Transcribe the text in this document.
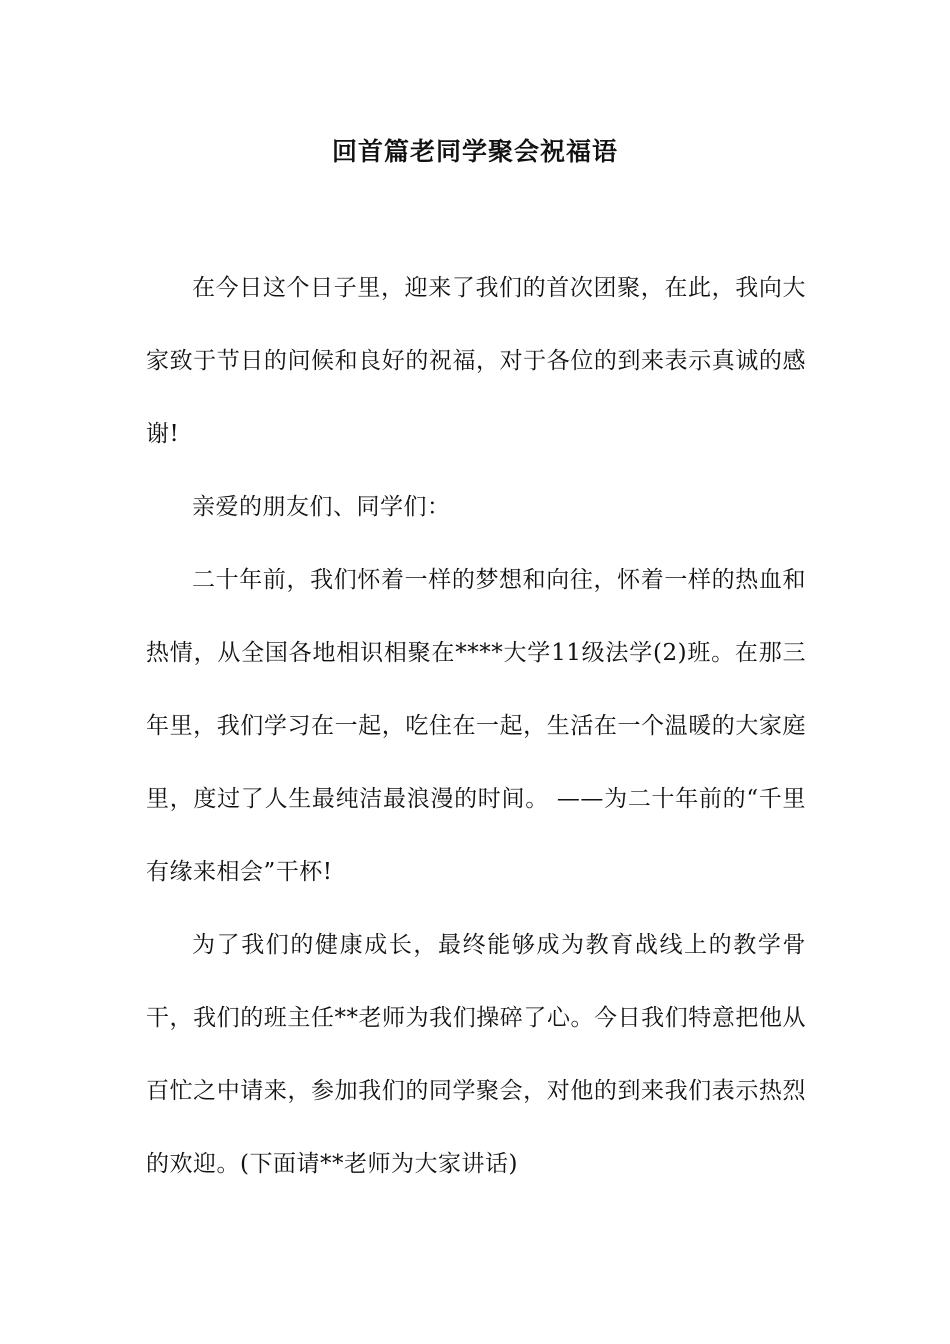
回首篇老同学聚会祝福语

在今日这个日子里，迎来了我们的首次团聚，在此，我向大家致于节日的问候和良好的祝福，对于各位的到来表示真诚的感谢!

亲爱的朋友们、同学们：

二十年前，我们怀着一样的梦想和向往，怀着一样的热血和热情，从全国各地相识相聚在****大学11级法学(2)班。在那三年里，我们学习在一起，吃住在一起，生活在一个温暖的大家庭里，度过了人生最纯洁最浪漫的时间。 ——为二十年前的“千里有缘来相会”干杯!

为了我们的健康成长，最终能够成为教育战线上的教学骨干，我们的班主任**老师为我们操碎了心。今日我们特意把他从百忙之中请来，参加我们的同学聚会，对他的到来我们表示热烈的欢迎。(下面请**老师为大家讲话)
